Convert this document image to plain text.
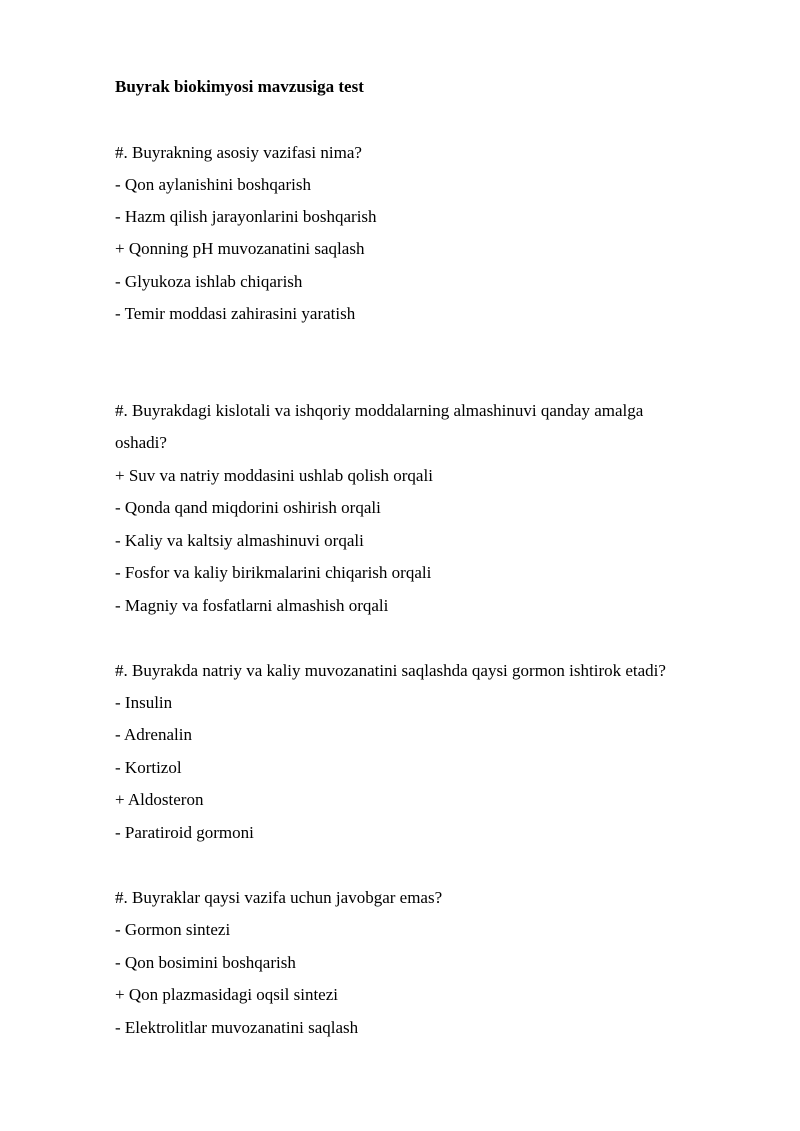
Buyrak biokimyosi mavzusiga test

#. Buyrakning asosiy vazifasi nima?

- Qon aylanishini boshqarish

- Hazm qilish jarayonlarini boshqarish

+ Qonning pH muvozanatini saqlash

- Glyukoza ishlab chiqarish

- Temir moddasi zahirasini yaratish

#. Buyrakdagi kislotali va ishqoriy moddalarning almashinuvi qanday amalga

oshadi?

+ Suv va natriy moddasini ushlab qolish orqali

- Qonda qand miqdorini oshirish orqali

- Kaliy va kaltsiy almashinuvi orqali

- Fosfor va kaliy birikmalarini chiqarish orqali

- Magniy va fosfatlarni almashish orqali

#. Buyrakda natriy va kaliy muvozanatini saqlashda qaysi gormon ishtirok etadi?

- Insulin

- Adrenalin

- Kortizol

+ Aldosteron

- Paratiroid gormoni

#. Buyraklar qaysi vazifa uchun javobgar emas?

- Gormon sintezi

- Qon bosimini boshqarish

+ Qon plazmasidagi oqsil sintezi

- Elektrolitlar muvozanatini saqlash
